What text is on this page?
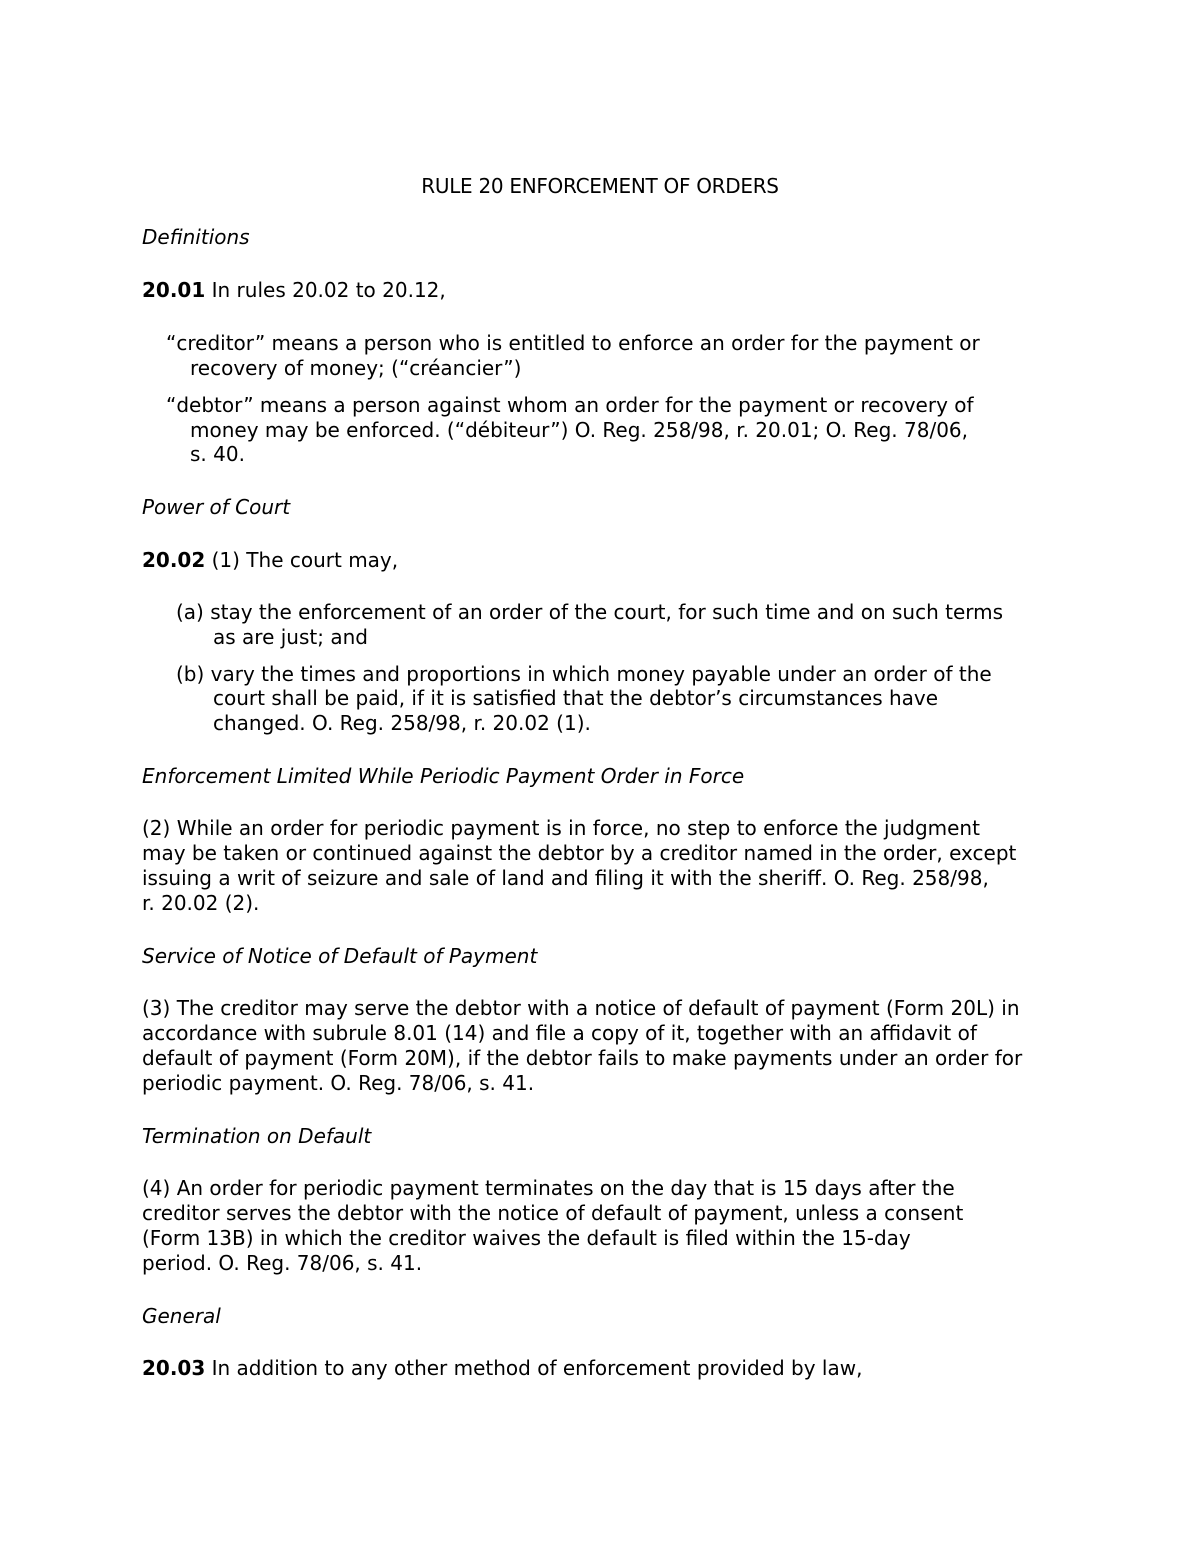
RULE 20 ENFORCEMENT OF ORDERS
Definitions
20.01 In rules 20.02 to 20.12,
“creditor” means a person who is entitled to enforce an order for the payment or
recovery of money; (“créancier”)
“debtor” means a person against whom an order for the payment or recovery of
money may be enforced. (“débiteur”) O. Reg. 258/98, r. 20.01; O. Reg. 78/06,
s. 40.
Power of Court
20.02 (1) The court may,
(a) stay the enforcement of an order of the court, for such time and on such terms
as are just; and
(b) vary the times and proportions in which money payable under an order of the
court shall be paid, if it is satisfied that the debtor’s circumstances have
changed. O. Reg. 258/98, r. 20.02 (1).
Enforcement Limited While Periodic Payment Order in Force
(2) While an order for periodic payment is in force, no step to enforce the judgment
may be taken or continued against the debtor by a creditor named in the order, except
issuing a writ of seizure and sale of land and filing it with the sheriff. O. Reg. 258/98,
r. 20.02 (2).
Service of Notice of Default of Payment
(3) The creditor may serve the debtor with a notice of default of payment (Form 20L) in
accordance with subrule 8.01 (14) and file a copy of it, together with an affidavit of
default of payment (Form 20M), if the debtor fails to make payments under an order for
periodic payment. O. Reg. 78/06, s. 41.
Termination on Default
(4) An order for periodic payment terminates on the day that is 15 days after the
creditor serves the debtor with the notice of default of payment, unless a consent
(Form 13B) in which the creditor waives the default is filed within the 15-day
period. O. Reg. 78/06, s. 41.
General
20.03 In addition to any other method of enforcement provided by law,
